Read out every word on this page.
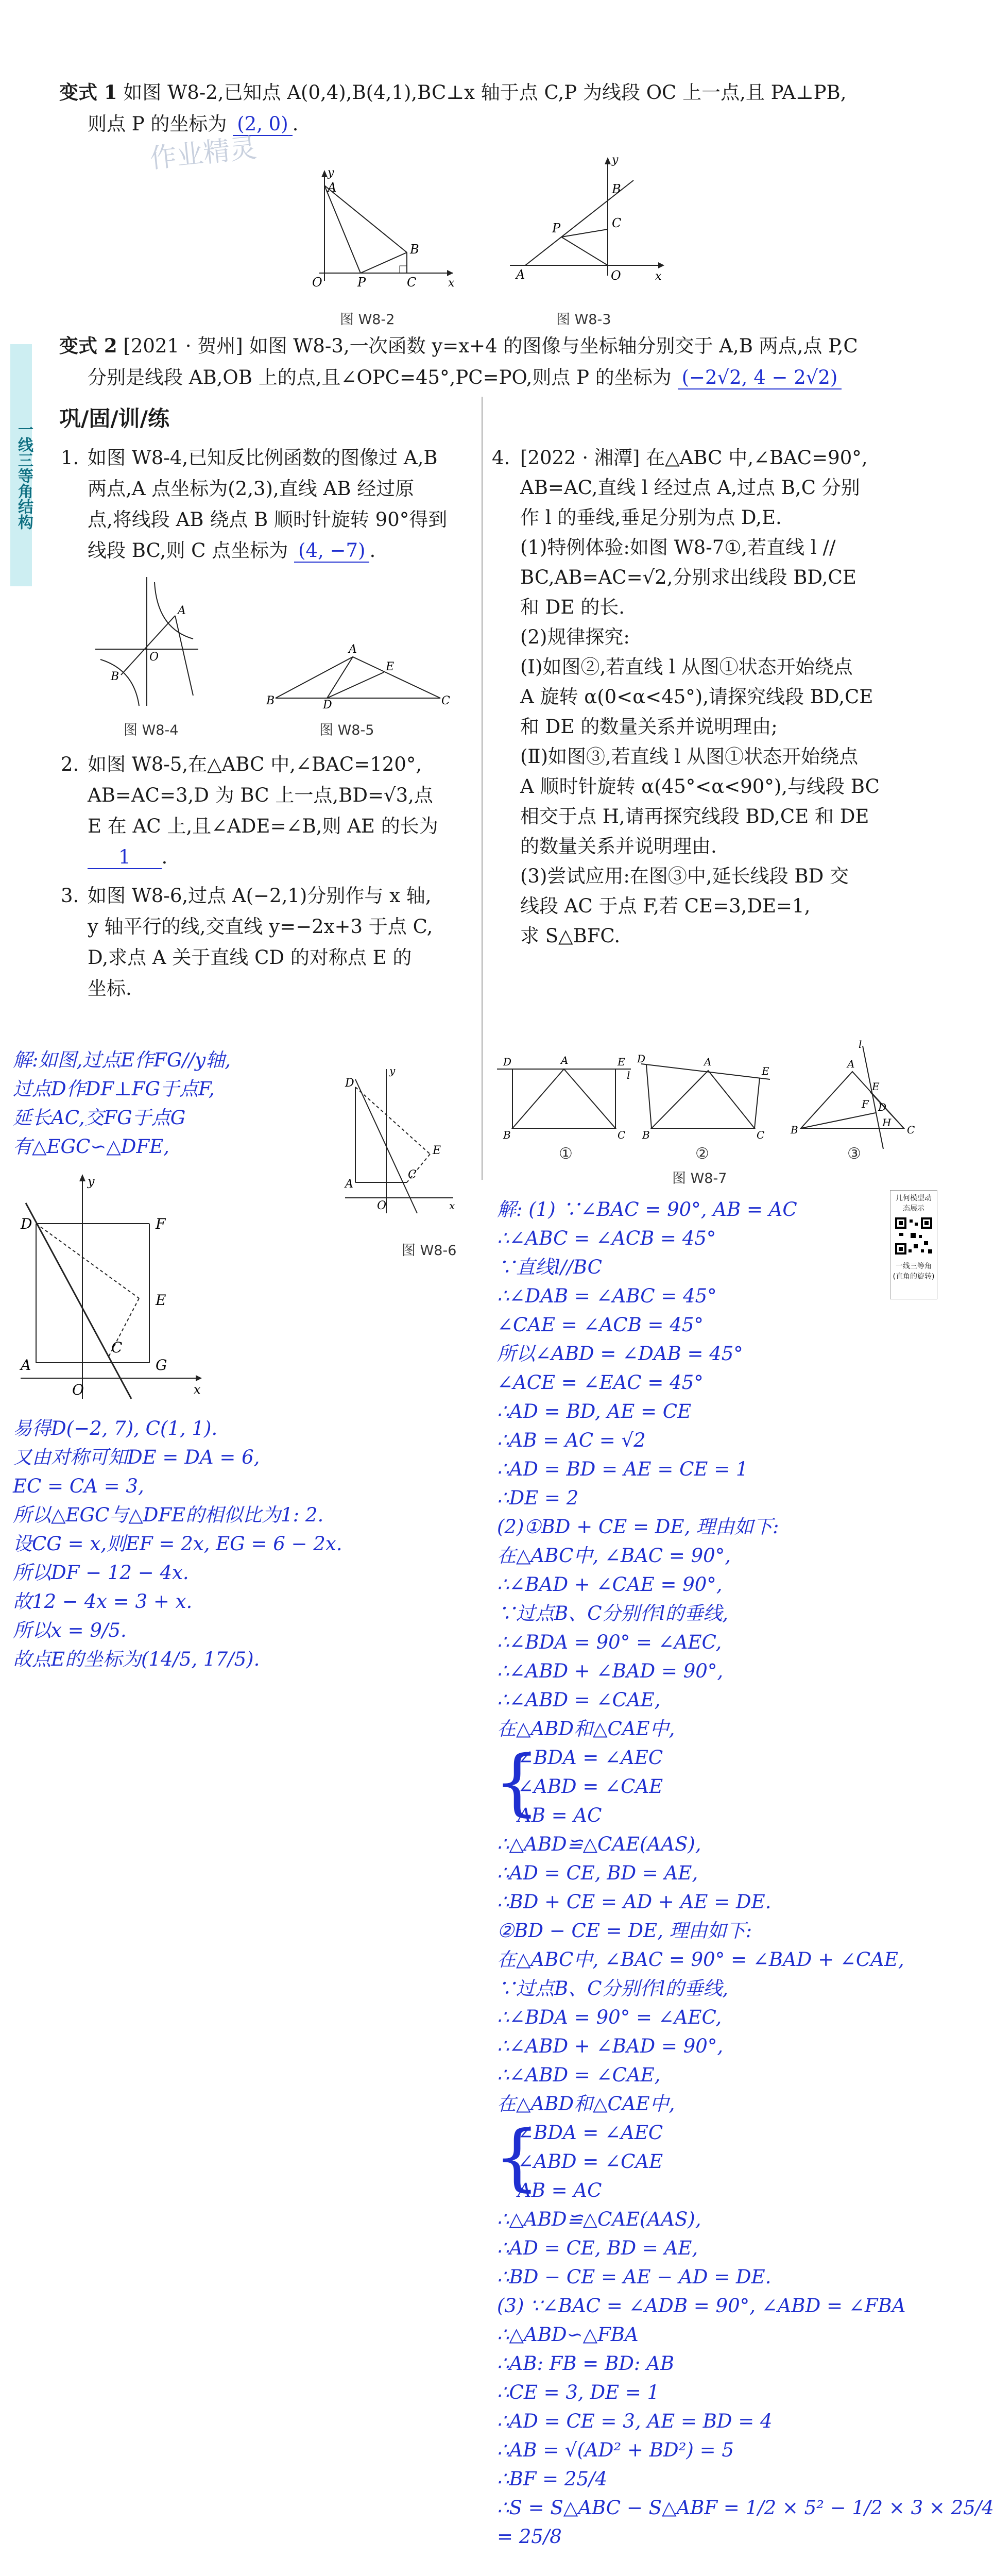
变式 1 如图 W8-2,已知点 A(0,4),B(4,1),BC⊥x 轴于点 C,P 为线段 OC 上一点,且 PA⊥PB,
则点 P 的坐标为 (2, 0) .
作业精灵
A
B
O	P	C	x
y
图 W8-2
A
B
C
P
O	x
y
图 W8-3
变式 2 [2021 · 贺州] 如图 W8-3,一次函数 y=x+4 的图像与坐标轴分别交于 A,B 两点,点 P,C
分别是线段 AB,OB 上的点,且∠OPC=45°,PC=PO,则点 P 的坐标为 (−2√2, 4 − 2√2)
一线三等角结构
巩/固/训/练
1. 如图 W8-4,已知反比例函数的图像过 A,B
两点,A 点坐标为(2,3),直线 AB 经过原
点,将线段 AB 绕点 B 顺时针旋转 90°得到
线段 BC,则 C 点坐标为 (4, −7) .
A
B
O
图 W8-4
A
B	C
D
E
图 W8-5
2. 如图 W8-5,在△ABC 中,∠BAC=120°,
AB=AC=3,D 为 BC 上一点,BD=√3,点
E 在 AC 上,且∠ADE=∠B,则 AE 的长为
1 .
3. 如图 W8-6,过点 A(−2,1)分别作与 x 轴,
y 轴平行的线,交直线 y=−2x+3 于点 C,
D,求点 A 关于直线 CD 的对称点 E 的
坐标.
D
A
C
E
O	x
y
图 W8-6
解:如图,过点E作FG//y轴,
过点D作DF⊥FG于点F,
延长AC,交FG于点G
有△EGC∽△DFE,
D	F
E
A
C
G
O
y
x
易得D(−2, 7), C(1, 1).
又由对称可知DE = DA = 6,
EC = CA = 3,
所以△EGC与△DFE的相似比为1: 2.
设CG = x,则EF = 2x, EG = 6 − 2x.
所以DF − 12 − 4x.
故12 − 4x = 3 + x.
所以x = 9/5.
故点E的坐标为(14/5, 17/5).
4. [2022 · 湘潭] 在△ABC 中,∠BAC=90°,
AB=AC,直线 l 经过点 A,过点 B,C 分别
作 l 的垂线,垂足分别为点 D,E.
(1)特例体验:如图 W8-7①,若直线 l //
BC,AB=AC=√2,分别求出线段 BD,CE
和 DE 的长.
(2)规律探究:
(Ⅰ)如图②,若直线 l 从图①状态开始绕点
A 旋转 α(0<α<45°),请探究线段 BD,CE
和 DE 的数量关系并说明理由;
(Ⅱ)如图③,若直线 l 从图①状态开始绕点
A 顺时针旋转 α(45°<α<90°),与线段 BC
相交于点 H,请再探究线段 BD,CE 和 DE
的数量关系并说明理由.
(3)尝试应用:在图③中,延长线段 BD 交
线段 AC 于点 F,若 CE=3,DE=1,
求 S△BFC.
A
D	E
l
B	C
A
D
E
B	C
A
B	C
E
D
H
F
l
①	②	③
图 W8-7
几何模型动态展示
一线三等角(直角的旋转)
解: (1) ∵∠BAC = 90°, AB = AC
∴∠ABC = ∠ACB = 45°
∵直线l//BC
∴∠DAB = ∠ABC = 45°
∠CAE = ∠ACB = 45°
所以∠ABD = ∠DAB = 45°
∠ACE = ∠EAC = 45°
∴AD = BD, AE = CE
∴AB = AC = √2
∴AD = BD = AE = CE = 1
∴DE = 2
(2)①BD + CE = DE, 理由如下:
在△ABC中, ∠BAC = 90°,
∴∠BAD + ∠CAE = 90°,
∵过点B、C分别作l的垂线,
∴∠BDA = 90° = ∠AEC,
∴∠ABD + ∠BAD = 90°,
∴∠ABD = ∠CAE,
在△ABD和△CAE中,
{
∠BDA = ∠AEC
∠ABD = ∠CAE
AB = AC
∴△ABD≌△CAE(AAS),
∴AD = CE, BD = AE,
∴BD + CE = AD + AE = DE.
②BD − CE = DE, 理由如下:
在△ABC中, ∠BAC = 90° = ∠BAD + ∠CAE,
∵过点B、C分别作l的垂线,
∴∠BDA = 90° = ∠AEC,
∴∠ABD + ∠BAD = 90°,
∴∠ABD = ∠CAE,
在△ABD和△CAE中,
{
∠BDA = ∠AEC
∠ABD = ∠CAE
AB = AC
∴△ABD≌△CAE(AAS),
∴AD = CE, BD = AE,
∴BD − CE = AE − AD = DE.
(3) ∵∠BAC = ∠ADB = 90°, ∠ABD = ∠FBA
∴△ABD∽△FBA
∴AB: FB = BD: AB
∴CE = 3, DE = 1
∴AD = CE = 3, AE = BD = 4
∴AB = √(AD² + BD²) = 5
∴BF = 25/4
∴S = S△ABC − S△ABF = 1/2 × 5² − 1/2 × 3 × 25/4
= 25/8
